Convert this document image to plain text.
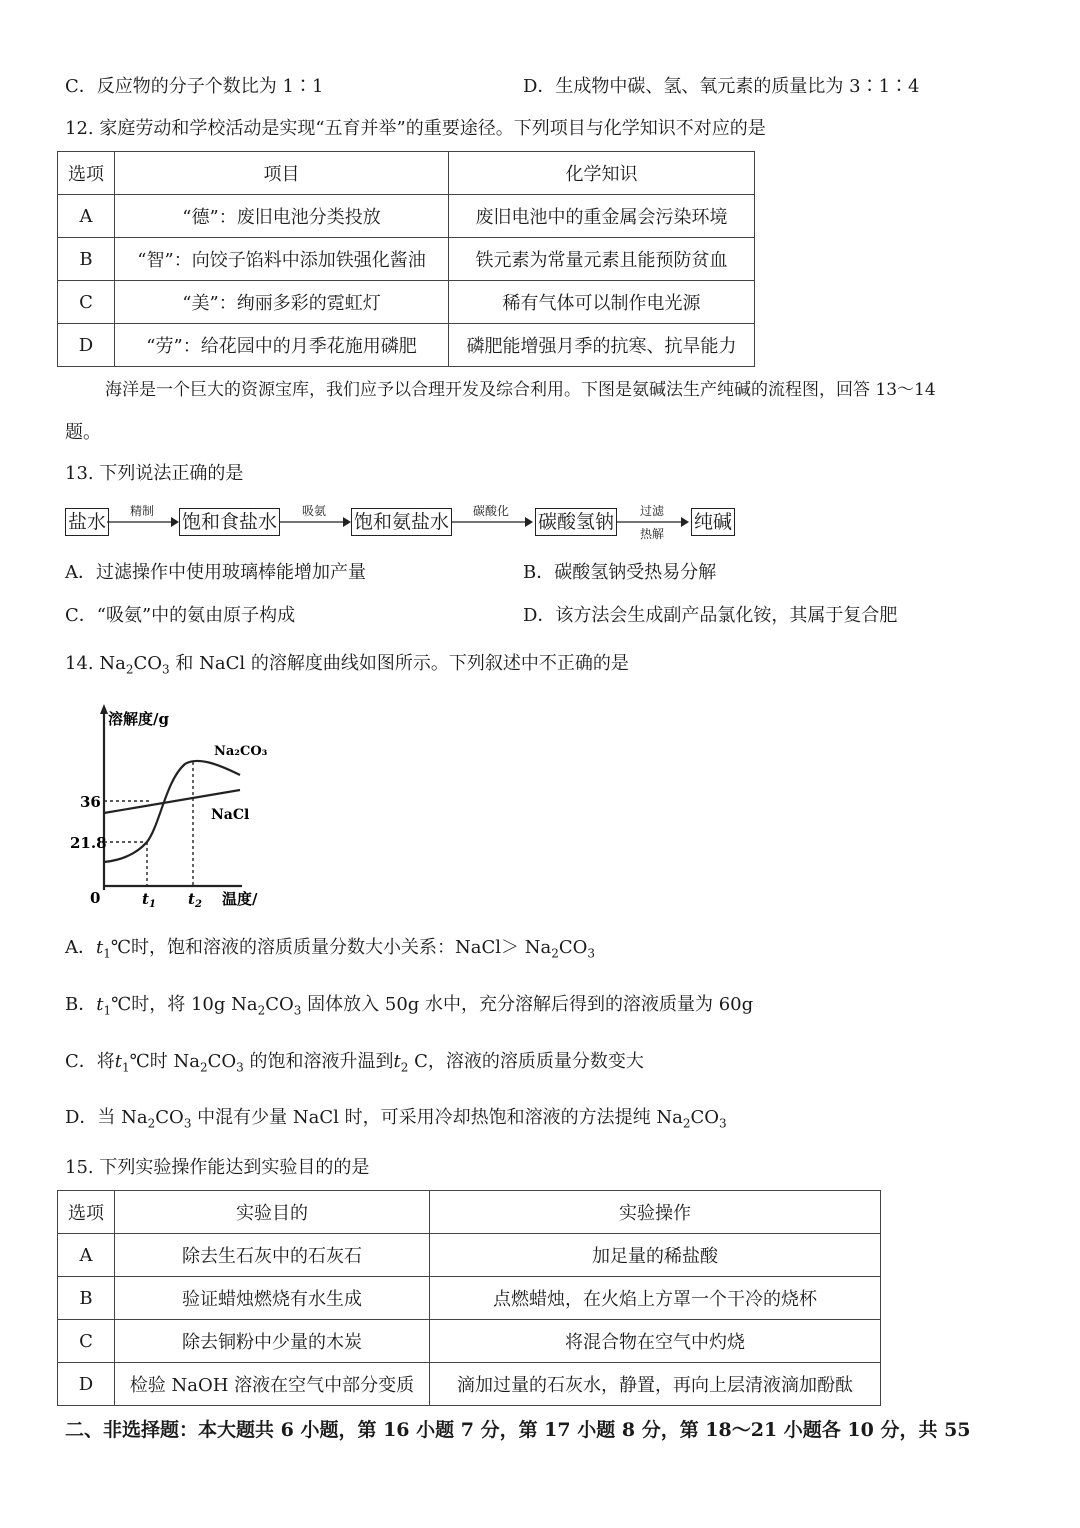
C．反应物的分子个数比为 1∶1	D．生成物中碳、氢、氧元素的质量比为 3∶1∶4
12. 家庭劳动和学校活动是实现“五育并举”的重要途径。下列项目与化学知识不对应的是
选项	项目	化学知识
A	“德”：废旧电池分类投放	废旧电池中的重金属会污染环境
B	“智”：向饺子馅料中添加铁强化酱油	铁元素为常量元素且能预防贫血
C	“美”：绚丽多彩的霓虹灯	稀有气体可以制作电光源
D	“劳”：给花园中的月季花施用磷肥	磷肥能增强月季的抗寒、抗旱能力
海洋是一个巨大的资源宝库，我们应予以合理开发及综合利用。下图是氨碱法生产纯碱的流程图，回答 13～14
题。
13. 下列说法正确的是
盐水	精制	饱和食盐水	吸氨	饱和氨盐水	碳酸化	碳酸氢钠	过滤
热解
纯碱
A．过滤操作中使用玻璃棒能增加产量	B．碳酸氢钠受热易分解
C．“吸氨”中的氨由原子构成	D．该方法会生成副产品氯化铵，其属于复合肥
14. $Na_2CO_3$ 和 NaCl 的溶解度曲线如图所示。下列叙述中不正确的是
溶解度/g
Na₂CO₃
NaCl
36
21.8
0	$t_1$ $t_2$ 温度/
A．$t_1℃$时，饱和溶液的溶质质量分数大小关系：NaCl＞ $Na_2CO_3$
B．$t_1℃$时，将 10g $Na_2CO_3$ 固体放入 50g 水中，充分溶解后得到的溶液质量为 60g
C．将$t_1℃$时 $Na_2CO_3$ 的饱和溶液升温到$t_2$ C，溶液的溶质质量分数变大
D．当 $Na_2CO_3$ 中混有少量 NaCl 时，可采用冷却热饱和溶液的方法提纯 $Na_2CO_3$
15. 下列实验操作能达到实验目的的是
选项	实验目的	实验操作
A	除去生石灰中的石灰石	加足量的稀盐酸
B	验证蜡烛燃烧有水生成	点燃蜡烛，在火焰上方罩一个干冷的烧杯
C	除去铜粉中少量的木炭	将混合物在空气中灼烧
D	检验 NaOH 溶液在空气中部分变质	滴加过量的石灰水，静置，再向上层清液滴加酚酞
二、非选择题：本大题共 6 小题，第 16 小题 7 分，第 17 小题 8 分，第 18～21 小题各 10 分，共 55
